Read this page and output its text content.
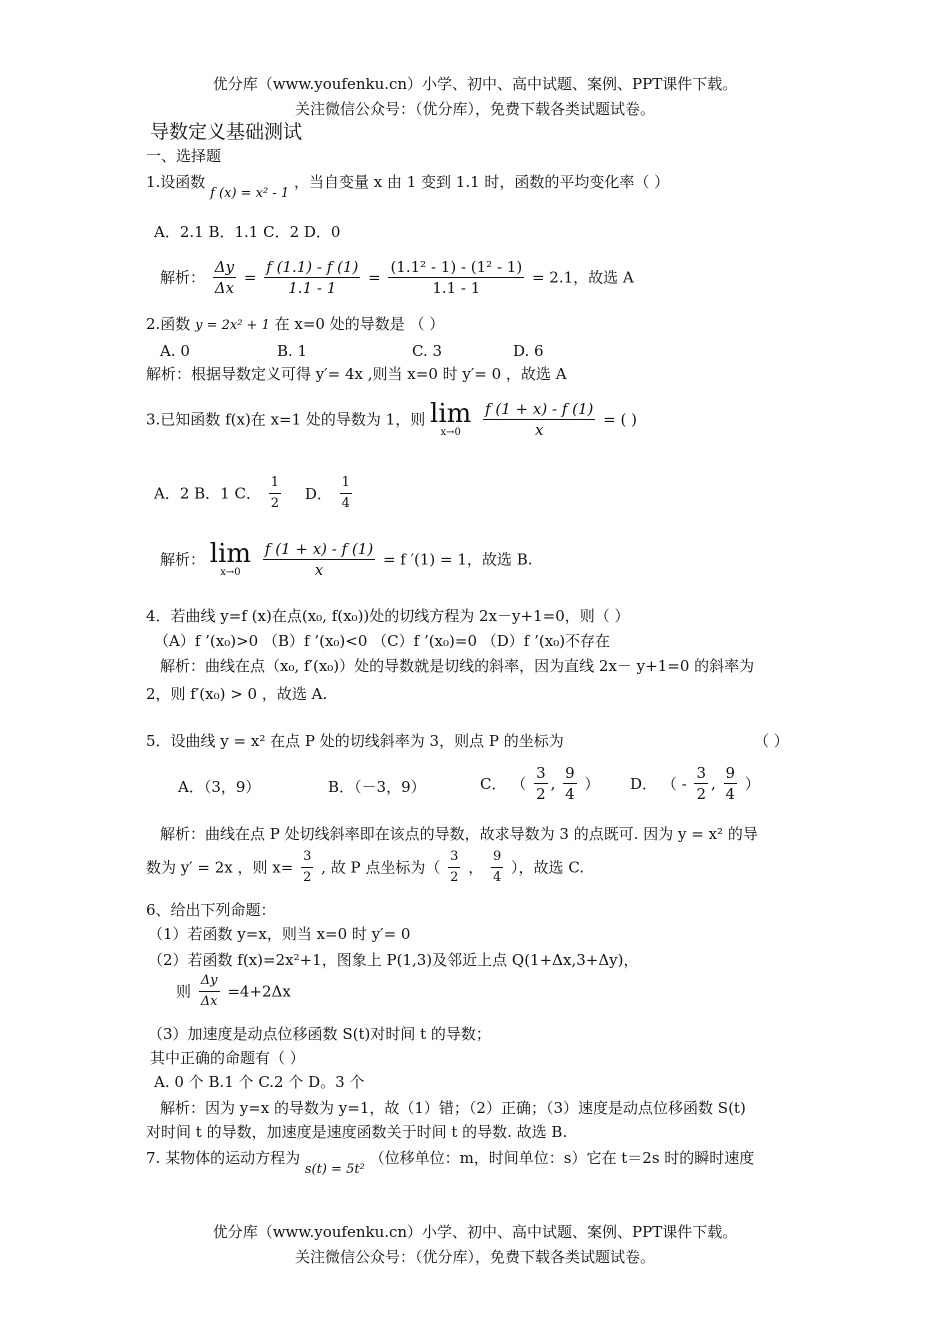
优分库（www.youfenku.cn）小学、初中、高中试题、案例、PPT课件下载。
关注微信公众号：（优分库），免费下载各类试题试卷。
导数定义基础测试
一、选择题
1.设函数 f (x) = x² - 1 ，当自变量 x 由 1 变到 1.1 时，函数的平均变化率（ ）
A．2.1 B．1.1 C．2 D．0
解析： $\frac{\Delta y}{\Delta x} = \frac{f (1.1) - f (1)}{1.1 - 1} = \frac{\text{(1.1² - 1) - (1² - 1)}}{1.1 - 1} = 2.1$，故选 A
2.函数 y = 2x² + 1 在 x=0 处的导数是 （ ）
A. 0	B. 1	C. 3	D. 6
解析：根据导数定义可得 y′= 4x ,则当 x=0 时 y′= 0 ，故选 A
3.已知函数 f(x)在 x=1 处的导数为 1，则 lim
x→0
$\frac{f (1 + x) - f (1)}{x}$ = ( )
A．2 B．1 C． $\frac{1}{2}$ D． $\frac{1}{4}$
解析： lim
x→0
$\frac{f (1 + x) - f (1)}{x} = f$ ′(1) = 1，故选 B.
4．若曲线 y=f (x)在点(x₀, f(x₀))处的切线方程为 2x－y+1=0，则（ ）
（A）f ’(x₀)>0 （B）f ’(x₀)<0 （C）f ’(x₀)=0 （D）f ’(x₀)不存在
解析：曲线在点（x₀, f′(x₀)）处的导数就是切线的斜率，因为直线 2x－ y+1=0 的斜率为
2，则 f′(x₀) > 0 ，故选 A.
5．设曲线 y = x² 在点 P 处的切线斜率为 3，则点 P 的坐标为	（ ）
A．（3，9）	B．（－3，9）	C． （ $\frac{3}{2}$ , $\frac{9}{4}$ ） D． （ - $\frac{3}{2}$ , $\frac{9}{4}$ ）
解析：曲线在点 P 处切线斜率即在该点的导数，故求导数为 3 的点既可. 因为 y = x² 的导
数为 y′ = 2x ，则 $x= \frac{3}{2}$ , 故 P 点坐标为（ $\frac{3}{2}$ ， $\frac{9}{4}$ ），故选 C.
6、给出下列命题：
（1）若函数 y=x，则当 x=0 时 y′= 0
（2）若函数 f(x)=2x²+1，图象上 P(1,3)及邻近上点 Q(1+Δx,3+Δy)，
则 $\frac{\Delta y}{\Delta x} =4+2\Delta x$
（3）加速度是动点位移函数 S(t)对时间 t 的导数；
其中正确的命题有（ ）
A. 0 个 B.1 个 C.2 个 D。3 个
解析：因为 y=x 的导数为 y=1，故（1）错；（2）正确；（3）速度是动点位移函数 S(t)
对时间 t 的导数，加速度是速度函数关于时间 t 的导数. 故选 B.
7. 某物体的运动方程为 s(t) = 5t² （位移单位：m，时间单位：s）它在 t＝2s 时的瞬时速度
优分库（www.youfenku.cn）小学、初中、高中试题、案例、PPT课件下载。
关注微信公众号：（优分库），免费下载各类试题试卷。
